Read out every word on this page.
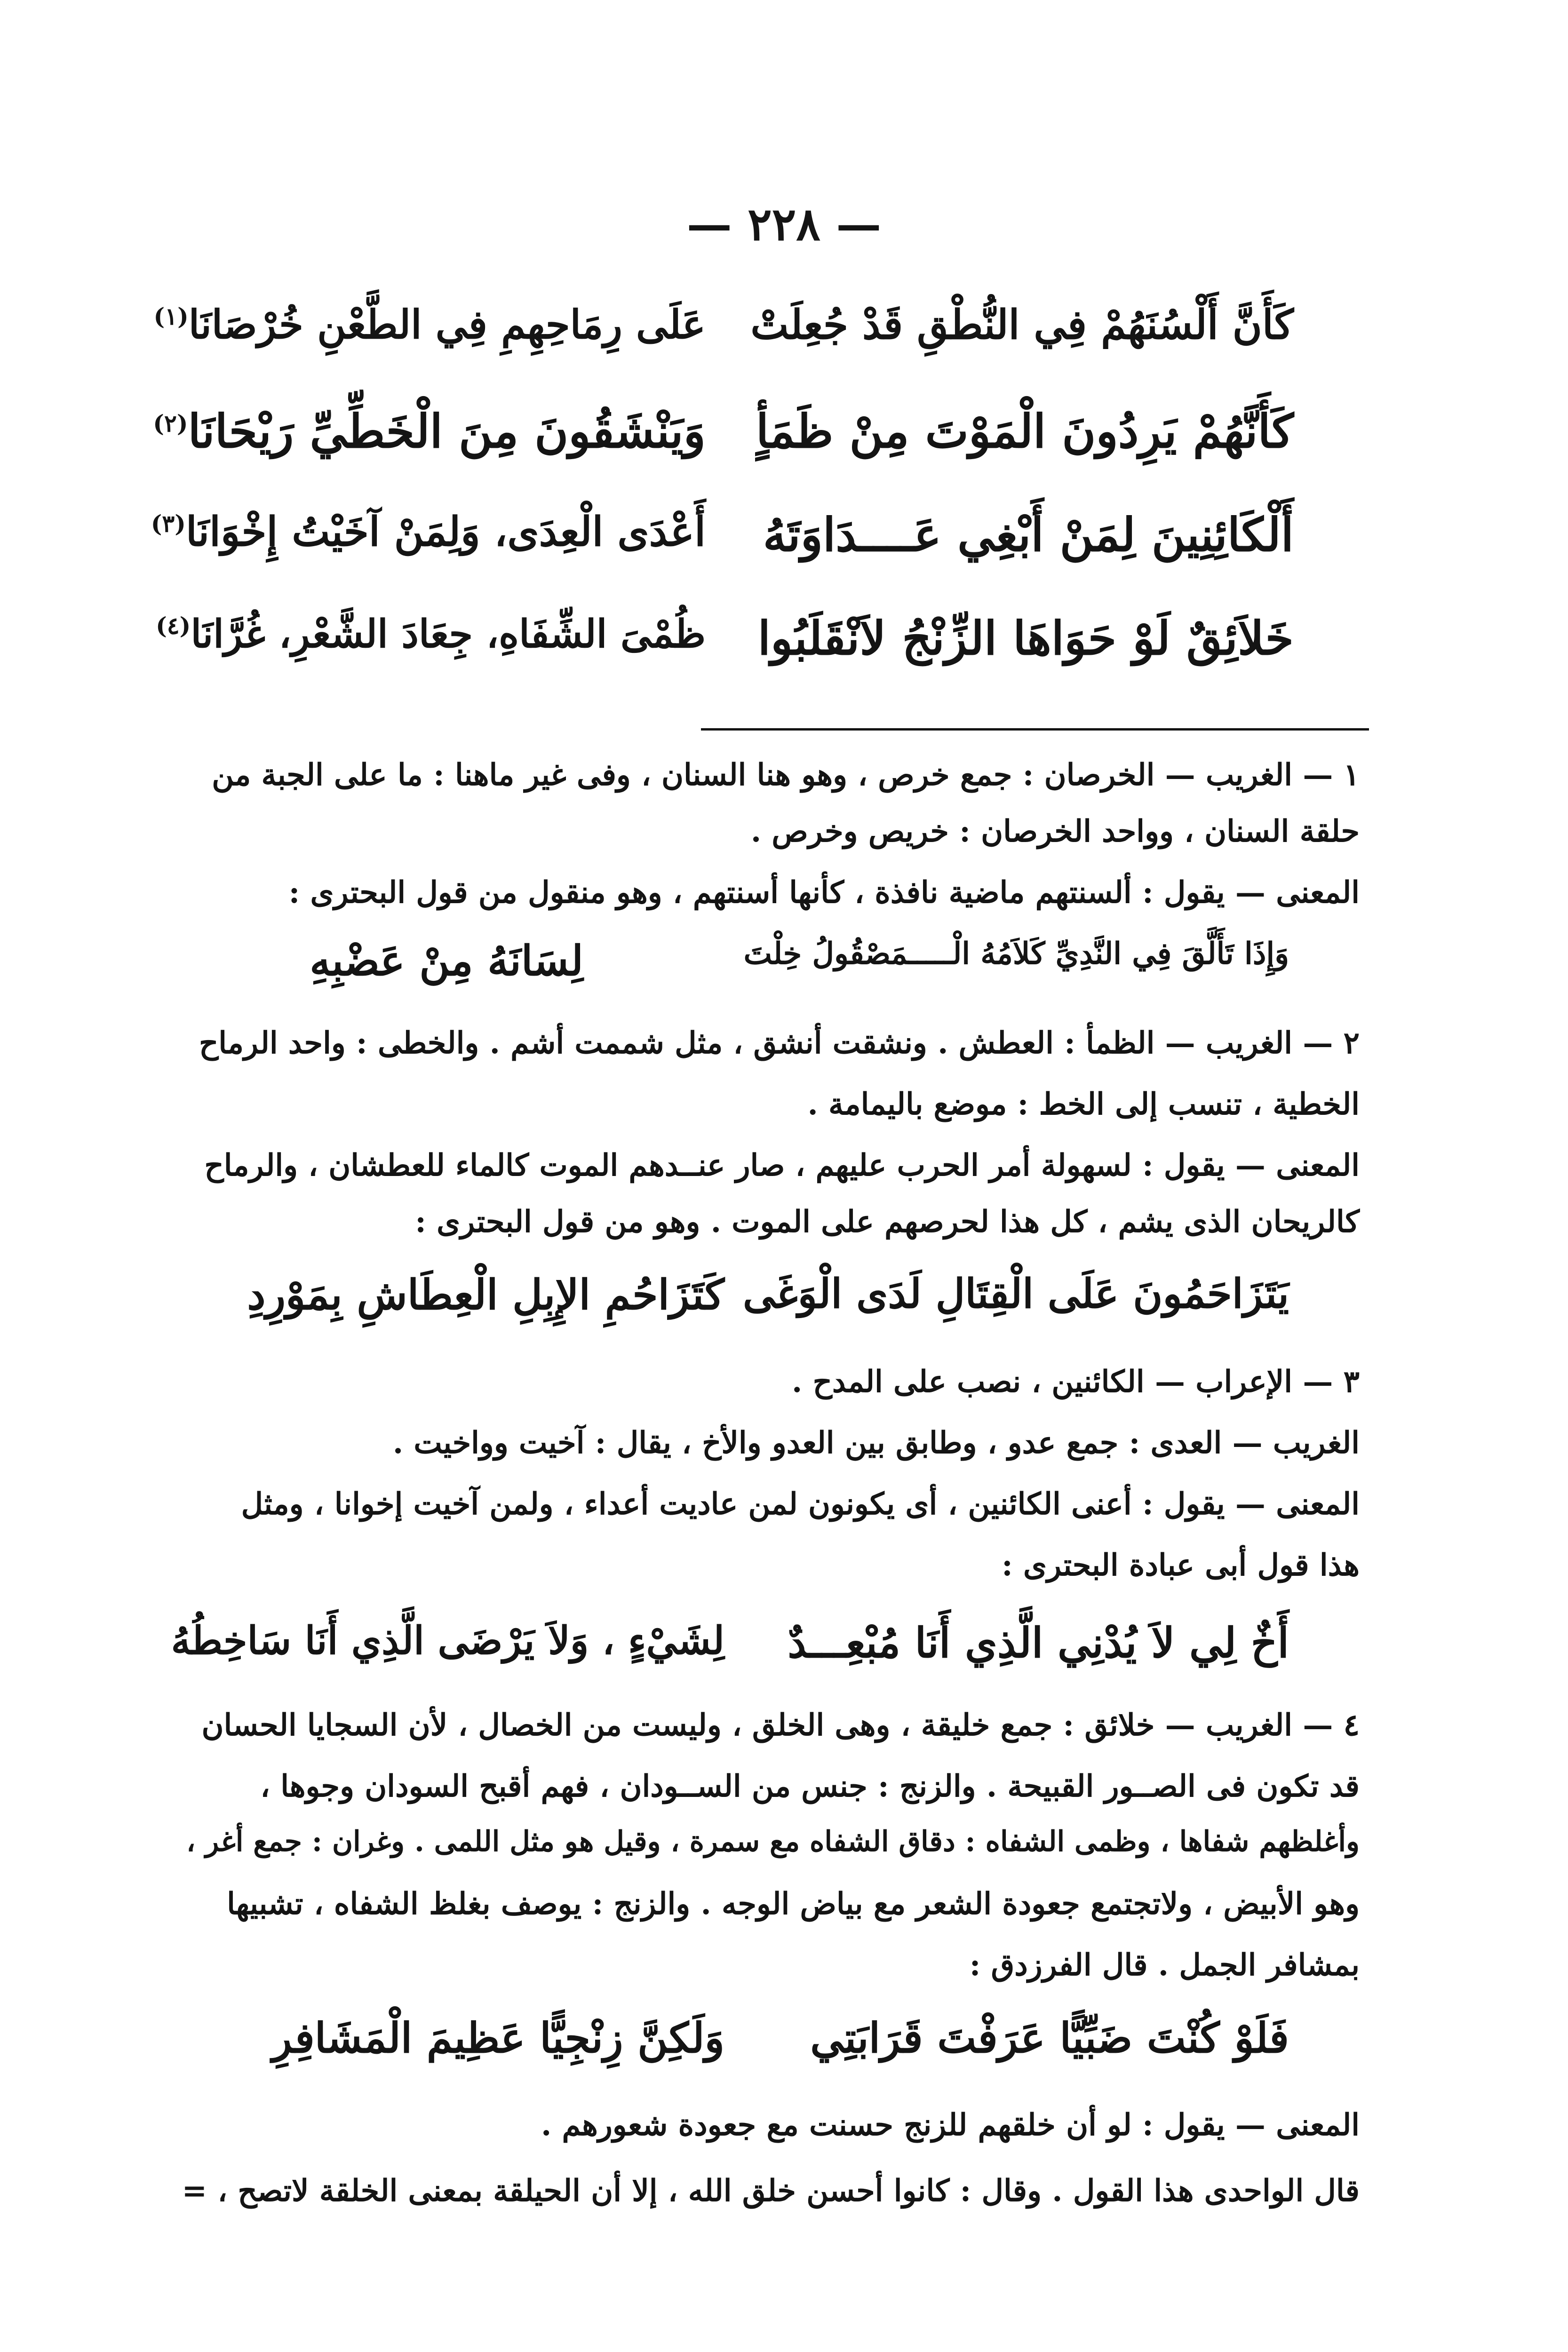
— ٢٢٨ —
كَأَنَّ أَلْسُنَهُمْ فِي النُّطْقِ قَدْ جُعِلَتْ
عَلَى رِمَاحِهِمِ فِي الطَّعْنِ خُرْصَانَا$^{(١)}$
كَأَنَّهُمْ يَرِدُونَ الْمَوْتَ مِنْ ظَمَأٍ
وَيَنْشَقُونَ مِنَ الْخَطِّيِّ رَيْحَانَا$^{(٢)}$
أَلْكَائِنِينَ لِمَنْ أَبْغِي عَــــدَاوَتَهُ
أَعْدَى الْعِدَى، وَلِمَنْ آخَيْتُ إِخْوَانَا$^{(٣)}$
خَلاَئِقٌ لَوْ حَوَاهَا الزِّنْجُ لاَنْقَلَبُوا
ظُمْىَ الشِّفَاهِ، جِعَادَ الشَّعْرِ، غُرَّانَا$^{(٤)}$
١ — الغريب — الخرصان : جمع خرص ، وهو هنا السنان ، وفى غير ماهنا : ما على الجبة من
حلقة السنان ، وواحد الخرصان : خريص وخرص .
المعنى — يقول : ألسنتهم ماضية نافذة ، كأنها أسنتهم ، وهو منقول من قول البحترى :
وَإِذَا تَأَلَّقَ فِي النَّدِيِّ كَلاَمُهُ الْـــــمَصْقُولُ خِلْتَ
لِسَانَهُ مِنْ عَضْبِهِ
٢ — الغريب — الظمأ : العطش . ونشقت أنشق ، مثل شممت أشم . والخطى : واحد الرماح
الخطية ، تنسب إلى الخط : موضع باليمامة .
المعنى — يقول : لسهولة أمر الحرب عليهم ، صار عنــدهم الموت كالماء للعطشان ، والرماح
كالريحان الذى يشم ، كل هذا لحرصهم على الموت . وهو من قول البحترى :
يَتَزَاحَمُونَ عَلَى الْقِتَالِ لَدَى الْوَغَى
كَتَزَاحُمِ الإِبِلِ الْعِطَاشِ بِمَوْرِدِ
٣ — الإعراب — الكائنين ، نصب على المدح .
الغريب — العدى : جمع عدو ، وطابق بين العدو والأخ ، يقال : آخيت وواخيت .
المعنى — يقول : أعنى الكائنين ، أى يكونون لمن عاديت أعداء ، ولمن آخيت إخوانا ، ومثل
هذا قول أبى عبادة البحترى :
أَخٌ لِي لاَ يُدْنِي الَّذِي أَنَا مُبْعِـــدٌ
لِشَيْءٍ ، وَلاَ يَرْضَى الَّذِي أَنَا سَاخِطُهُ
٤ — الغريب — خلائق : جمع خليقة ، وهى الخلق ، وليست من الخصال ، لأن السجايا الحسان
قد تكون فى الصــور القبيحة . والزنج : جنس من الســودان ، فهم أقبح السودان وجوها ،
وأغلظهم شفاها ، وظمى الشفاه : دقاق الشفاه مع سمرة ، وقيل هو مثل اللمى . وغران : جمع أغر ،
وهو الأبيض ، ولاتجتمع جعودة الشعر مع بياض الوجه . والزنج : يوصف بغلظ الشفاه ، تشبيها
بمشافر الجمل . قال الفرزدق :
فَلَوْ كُنْتَ ضَبِّيًّا عَرَفْتَ قَرَابَتِي
وَلَكِنَّ زِنْجِيًّا عَظِيمَ الْمَشَافِرِ
المعنى — يقول : لو أن خلقهم للزنج حسنت مع جعودة شعورهم .
قال الواحدى هذا القول . وقال : كانوا أحسن خلق الله ، إلا أن الحيلقة بمعنى الخلقة لاتصح ، =
